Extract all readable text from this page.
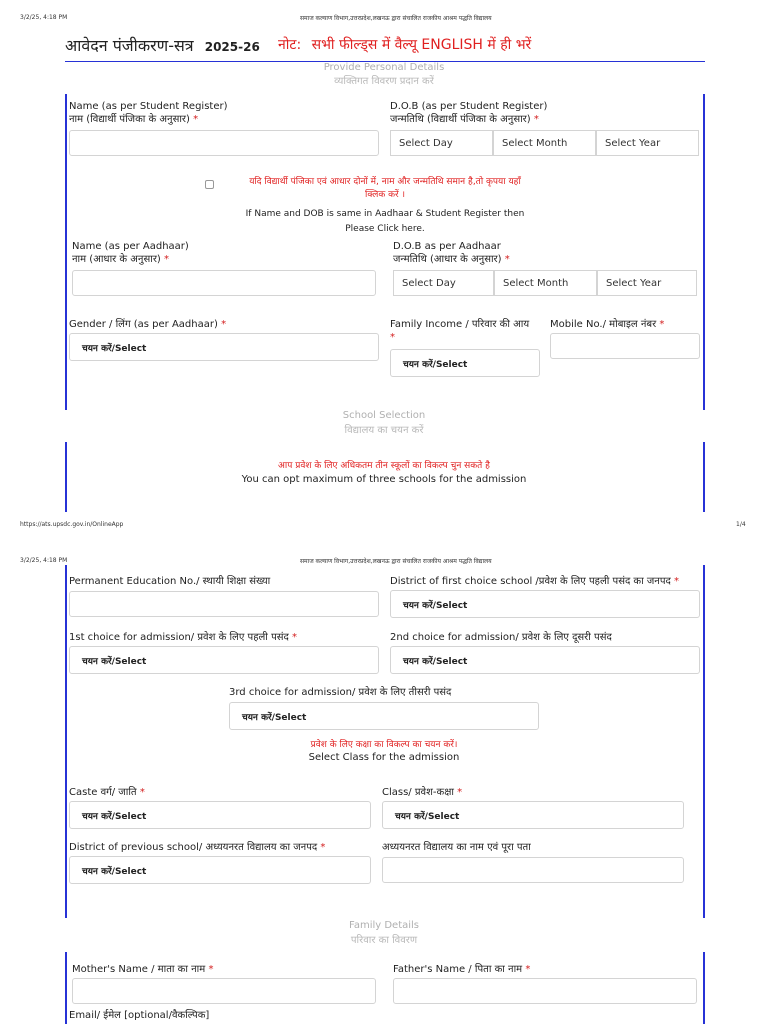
3/2/25, 4:18 PM	समाज कल्याण विभाग,उत्तरप्रदेश,लखनऊ द्वारा संचालित राजकीय आश्रम पद्धति विद्यालय
आवेदन पंजीकरण-सत्र 2025-26 नोट: सभी फील्ड्स में वैल्यू ENGLISH में ही भरें
Provide Personal Details
व्यक्तिगत विवरण प्रदान करें
Name (as per Student Register)
नाम (विद्यार्थी पंजिका के अनुसार) *
D.O.B (as per Student Register)
जन्मतिथि (विद्यार्थी पंजिका के अनुसार) *
Select Day	Select Month	Select Year
यदि विद्यार्थी पंजिका एवं आधार दोनों में, नाम और जन्मतिथि समान है,तो कृपया यहाँ
क्लिक करें ।
If Name and DOB is same in Aadhaar & Student Register then
Please Click here.
Name (as per Aadhaar)
नाम (आधार के अनुसार) *
D.O.B as per Aadhaar
जन्मतिथि (आधार के अनुसार) *
Select Day	Select Month	Select Year
Gender / लिंग (as per Aadhaar) *
चयन करें/Select
Family Income / परिवार की आय
*
चयन करें/Select
Mobile No./ मोबाइल नंबर *
School Selection
विद्यालय का चयन करें
आप प्रवेश के लिए अधिकतम तीन स्कूलों का विकल्प चुन सकते है
You can opt maximum of three schools for the admission
https://ats.upsdc.gov.in/OnlineApp	1/4
3/2/25, 4:18 PM	समाज कल्याण विभाग,उत्तरप्रदेश,लखनऊ द्वारा संचालित राजकीय आश्रम पद्धति विद्यालय
Permanent Education No./ स्थायी शिक्षा संख्या	District of first choice school /प्रवेश के लिए पहली पसंद का जनपद *
चयन करें/Select
1st choice for admission/ प्रवेश के लिए पहली पसंद *
चयन करें/Select
2nd choice for admission/ प्रवेश के लिए दूसरी पसंद
चयन करें/Select
3rd choice for admission/ प्रवेश के लिए तीसरी पसंद
चयन करें/Select
प्रवेश के लिए कक्षा का विकल्प का चयन करें।
Select Class for the admission
Caste वर्ग/ जाति *
चयन करें/Select
Class/ प्रवेश-कक्षा *
चयन करें/Select
District of previous school/ अध्ययनरत विद्यालय का जनपद *
चयन करें/Select
अध्ययनरत विद्यालय का नाम एवं पूरा पता
Family Details
परिवार का विवरण
Mother's Name / माता का नाम *	Father's Name / पिता का नाम *
Email/ ईमेल [optional/वैकल्पिक]
